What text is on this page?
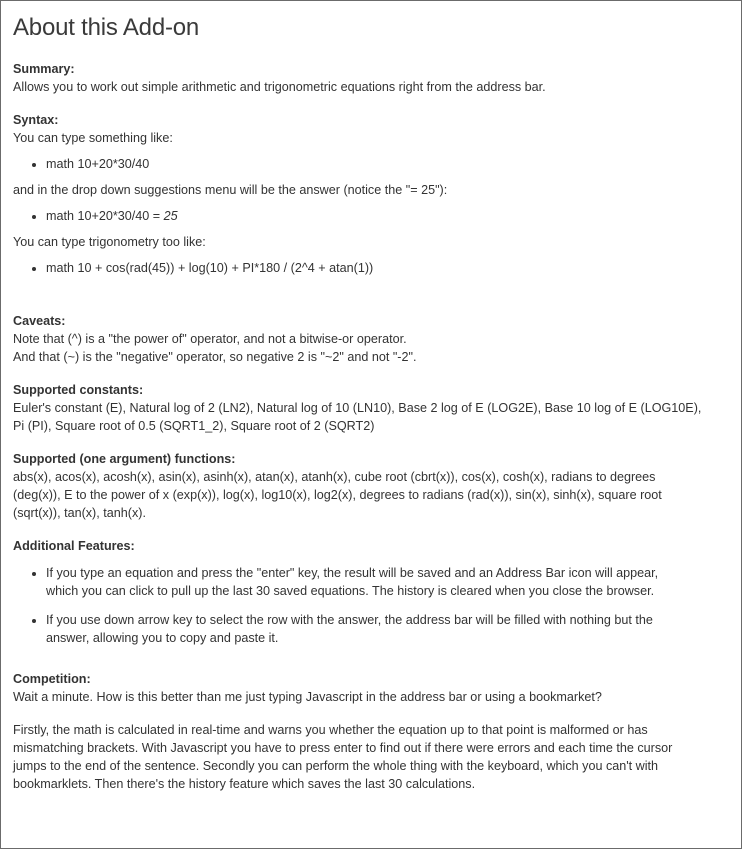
About this Add-on

Summary:

Allows you to work out simple arithmetic and trigonometric equations right from the address bar.

Syntax:

You can type something like:

• math 10+20*30/40

and in the drop down suggestions menu will be the answer (notice the "= 25"):

• math 10+20*30/40 = 25

You can type trigonometry too like:

• math 10 + cos(rad(45)) + log(10) + PI*180 / (2^4 + atan(1))

Caveats:

Note that (^) is a "the power of" operator, and not a bitwise-or operator.

And that (~) is the "negative" operator, so negative 2 is "~2" and not "-2".

Supported constants:

Euler's constant (E), Natural log of 2 (LN2), Natural log of 10 (LN10), Base 2 log of E (LOG2E), Base 10 log of E (LOG10E),

Pi (PI), Square root of 0.5 (SQRT1_2), Square root of 2 (SQRT2)

Supported (one argument) functions:

abs(x), acos(x), acosh(x), asin(x), asinh(x), atan(x), atanh(x), cube root (cbrt(x)), cos(x), cosh(x), radians to degrees

(deg(x)), E to the power of x (exp(x)), log(x), log10(x), log2(x), degrees to radians (rad(x)), sin(x), sinh(x), square root

(sqrt(x)), tan(x), tanh(x).

Additional Features:

• If you type an equation and press the "enter" key, the result will be saved and an Address Bar icon will appear,
which you can click to pull up the last 30 saved equations. The history is cleared when you close the browser.
• If you use down arrow key to select the row with the answer, the address bar will be filled with nothing but the
answer, allowing you to copy and paste it.

Competition:

Wait a minute. How is this better than me just typing Javascript in the address bar or using a bookmarket?

Firstly, the math is calculated in real-time and warns you whether the equation up to that point is malformed or has

mismatching brackets. With Javascript you have to press enter to find out if there were errors and each time the cursor

jumps to the end of the sentence. Secondly you can perform the whole thing with the keyboard, which you can't with

bookmarklets. Then there's the history feature which saves the last 30 calculations.
